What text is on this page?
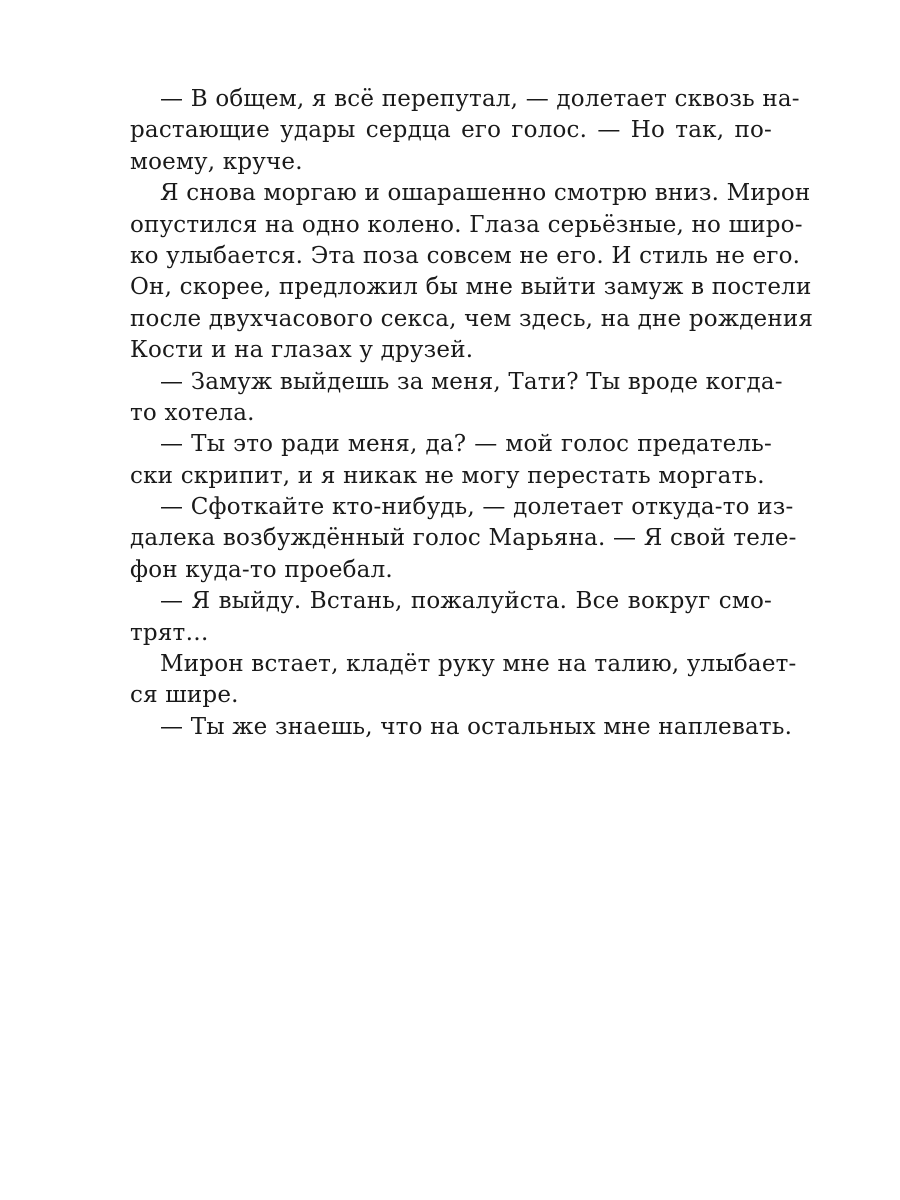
— В общем, я всё перепутал, — долетает сквозь на-
растающие удары сердца его голос. — Но так, по-
моему, круче.
Я снова моргаю и ошарашенно смотрю вниз. Мирон
опустился на одно колено. Глаза серьёзные, но широ-
ко улыбается. Эта поза совсем не его. И стиль не его.
Он, скорее, предложил бы мне выйти замуж в постели
после двухчасового секса, чем здесь, на дне рождения
Кости и на глазах у друзей.
— Замуж выйдешь за меня, Тати? Ты вроде когда-
то хотела.
— Ты это ради меня, да? — мой голос предатель-
ски скрипит, и я никак не могу перестать моргать.
— Сфоткайте кто-нибудь, — долетает откуда-то из-
далека возбуждённый голос Марьяна. — Я свой теле-
фон куда-то проебал.
— Я выйду. Встань, пожалуйста. Все вокруг смо-
трят…
Мирон встает, кладёт руку мне на талию, улыбает-
ся шире.
— Ты же знаешь, что на остальных мне наплевать.
